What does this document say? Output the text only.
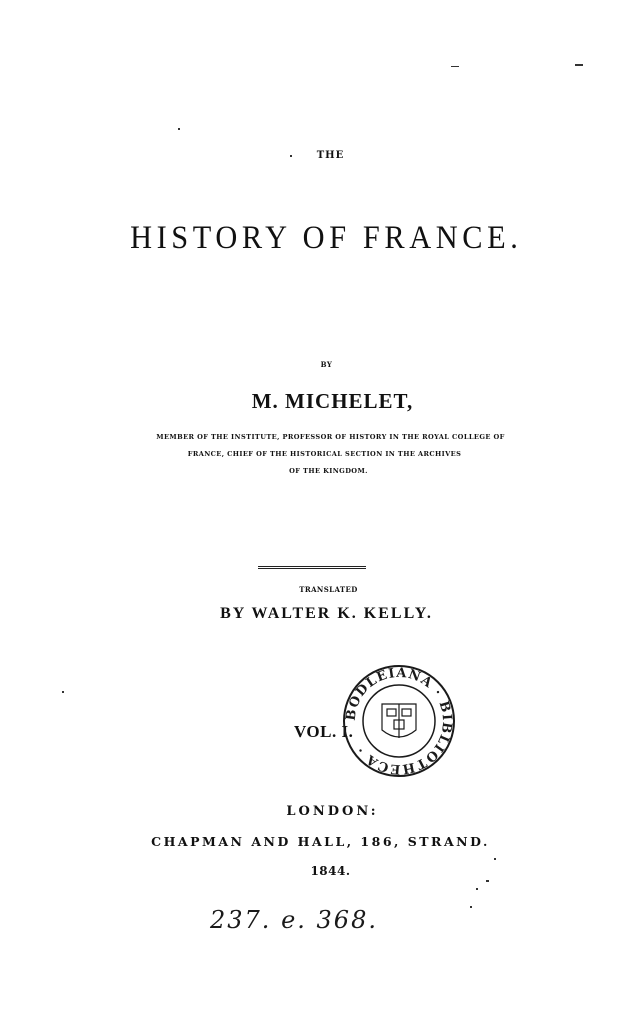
THE
HISTORY OF FRANCE.
BY
M. MICHELET,
MEMBER OF THE INSTITUTE, PROFESSOR OF HISTORY IN THE ROYAL COLLEGE OF
FRANCE, CHIEF OF THE HISTORICAL SECTION IN THE ARCHIVES
OF THE KINGDOM.
TRANSLATED
BY WALTER K. KELLY.
VOL. I.
BODLEIANA · BIBLIOTHECA ·
LONDON:
CHAPMAN AND HALL, 186, STRAND.
1844.
237. e. 368.
